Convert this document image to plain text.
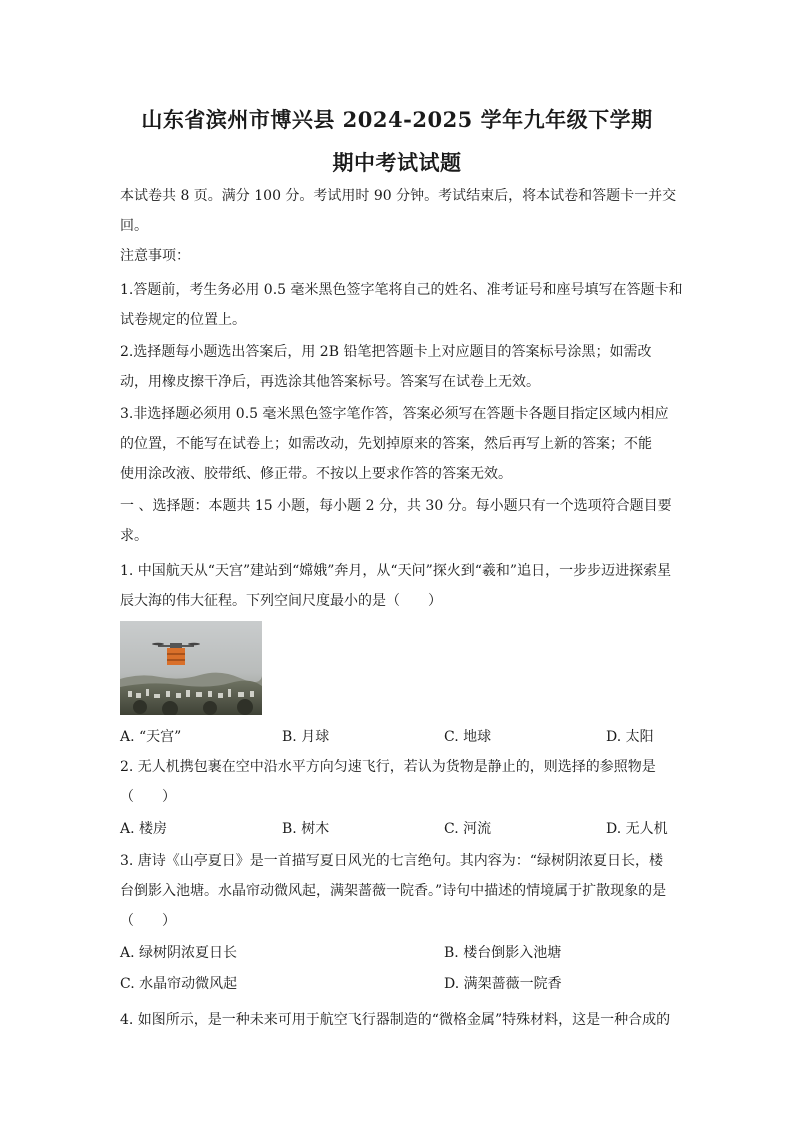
山东省滨州市博兴县 2024-2025 学年九年级下学期
期中考试试题
本试卷共 8 页。满分 100 分。考试用时 90 分钟。考试结束后，将本试卷和答题卡一并交
回。
注意事项：
1.答题前，考生务必用 0.5 毫米黑色签字笔将自己的姓名、准考证号和座号填写在答题卡和
试卷规定的位置上。
2.选择题每小题选出答案后，用 2B 铅笔把答题卡上对应题目的答案标号涂黑；如需改
动，用橡皮擦干净后，再选涂其他答案标号。答案写在试卷上无效。
3.非选择题必须用 0.5 毫米黑色签字笔作答，答案必须写在答题卡各题目指定区域内相应
的位置，不能写在试卷上；如需改动，先划掉原来的答案，然后再写上新的答案；不能
使用涂改液、胶带纸、修正带。不按以上要求作答的答案无效。
一 、选择题：本题共 15 小题，每小题 2 分，共 30 分。每小题只有一个选项符合题目要
求。
1. 中国航天从“天宫”建站到“嫦娥”奔月，从“天问”探火到“羲和”追日，一步步迈进探索星
辰大海的伟大征程。下列空间尺度最小的是（　　）
A. “天宫”	B. 月球	C. 地球	D. 太阳
2. 无人机携包裹在空中沿水平方向匀速飞行，若认为货物是静止的，则选择的参照物是
（　　）
A. 楼房	B. 树木	C. 河流	D. 无人机
3. 唐诗《山亭夏日》是一首描写夏日风光的七言绝句。其内容为：“绿树阴浓夏日长，楼
台倒影入池塘。水晶帘动微风起，满架蔷薇一院香。”诗句中描述的情境属于扩散现象的是
（　　）
A. 绿树阴浓夏日长	B. 楼台倒影入池塘
C. 水晶帘动微风起	D. 满架蔷薇一院香
4. 如图所示，是一种未来可用于航空飞行器制造的“微格金属”特殊材料，这是一种合成的
